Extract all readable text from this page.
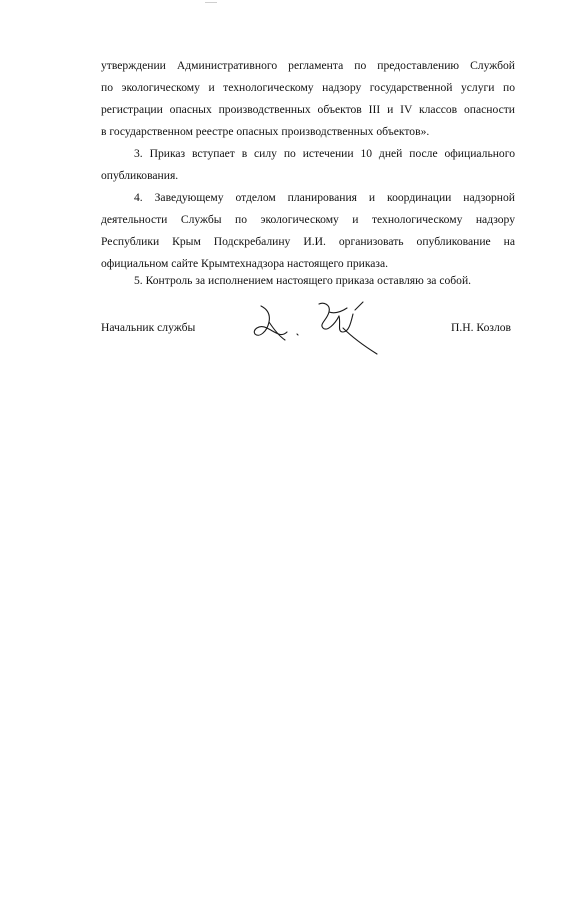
утверждении Административного регламента по предоставлению Службой
по экологическому и технологическому надзору государственной услуги по
регистрации опасных производственных объектов III и IV классов опасности
в государственном реестре опасных производственных объектов».
3. Приказ вступает в силу по истечении 10 дней после официального
опубликования.
4. Заведующему отделом планирования и координации надзорной
деятельности Службы по экологическому и технологическому надзору
Республики Крым Подскребалину И.И. организовать опубликование на
официальном сайте Крымтехнадзора настоящего приказа.
5. Контроль за исполнением настоящего приказа оставляю за собой.
Начальник службы	П.Н. Козлов
